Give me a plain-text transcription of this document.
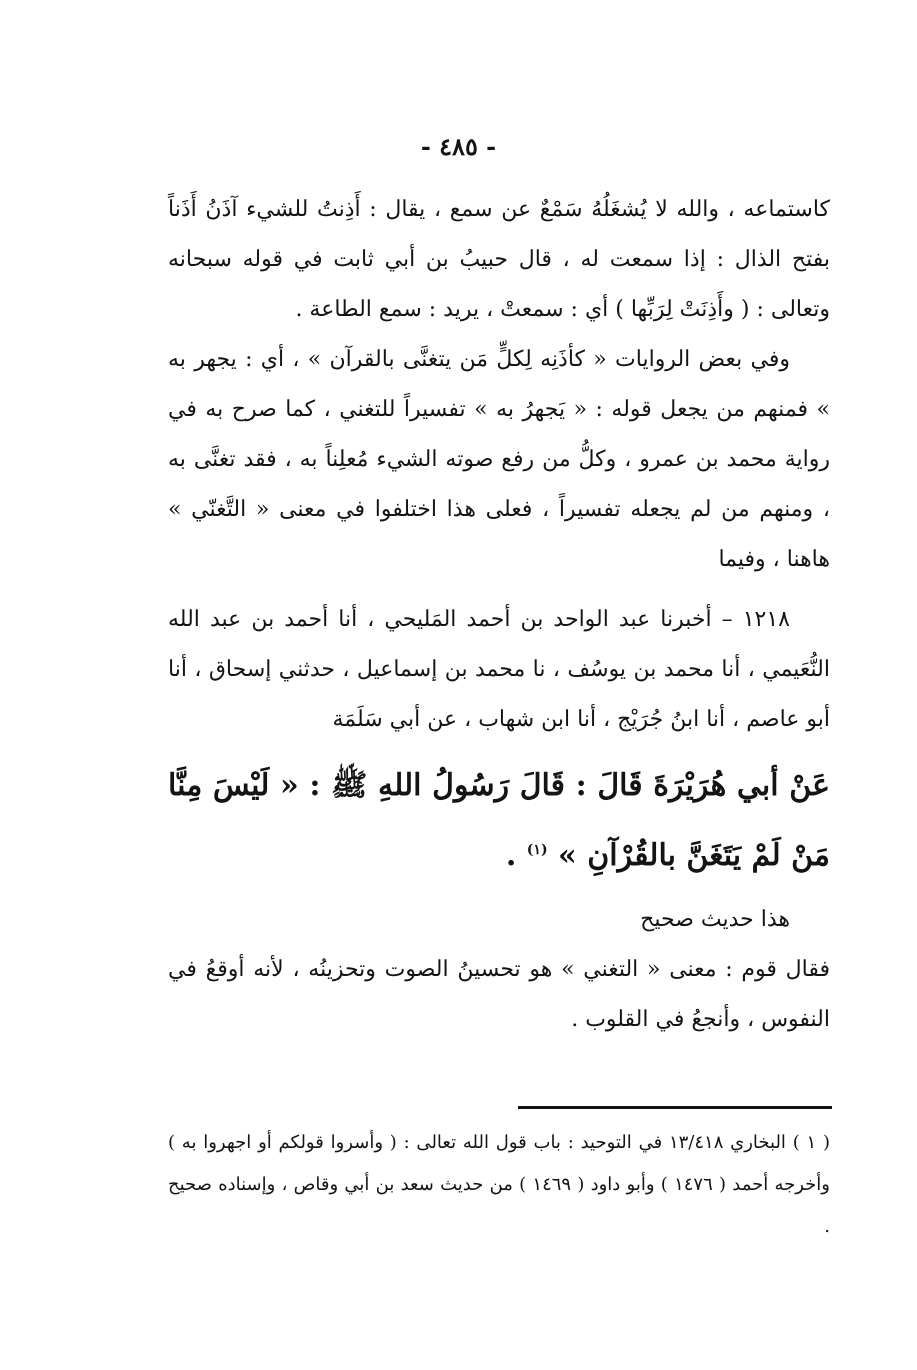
- ٤٨٥ -

كاستماعه ، والله لا يُشغَلُهُ سَمْعٌ عن سمع ، يقال : أَذِنتُ للشيء آذَنُ أَذَناً بفتح الذال : إذا سمعت له ، قال حبيبُ بن أبي ثابت في قوله سبحانه وتعالى : ( وأَذِنَتْ لِرَبِّها ) أي : سمعتْ ، يريد : سمع الطاعة .

وفي بعض الروايات « كأذَنِه لِكلٍّ مَن يتغنَّى بالقرآن » ، أي : يجهر به » فمنهم من يجعل قوله : « يَجهرُ به » تفسيراً للتغني ، كما صرح به في رواية محمد بن عمرو ، وكلُّ من رفع صوته الشيء مُعلِناً به ، فقد تغنَّى به ، ومنهم من لم يجعله تفسيراً ، فعلى هذا اختلفوا في معنى « التَّغنّي » هاهنا ، وفيما

١٢١٨ – أخبرنا عبد الواحد بن أحمد المَليحي ، أنا أحمد بن عبد الله النُّعَيمي ، أنا محمد بن يوسُف ، نا محمد بن إسماعيل ، حدثني إسحاق ، أنا أبو عاصم ، أنا ابنُ جُرَيْج ، أنا ابن شهاب ، عن أبي سَلَمَة

عَنْ أبي هُرَيْرَةَ قَالَ : قَالَ رَسُولُ اللهِ ﷺ : « لَيْسَ مِنَّا مَنْ لَمْ يَتَغَنَّ بالقُرْآنِ » $^{(١)}$ .

هذا حديث صحيح

فقال قوم : معنى « التغني » هو تحسينُ الصوت وتحزينُه ، لأنه أوقعُ في النفوس ، وأنجعُ في القلوب .

( ١ ) البخاري ١٣/٤١٨ في التوحيد : باب قول الله تعالى : ( وأسروا قولكم أو اجهروا به ) وأخرجه أحمد ( ١٤٧٦ ) وأبو داود ( ١٤٦٩ ) من حديث سعد بن أبي وقاص ، وإسناده صحيح .
